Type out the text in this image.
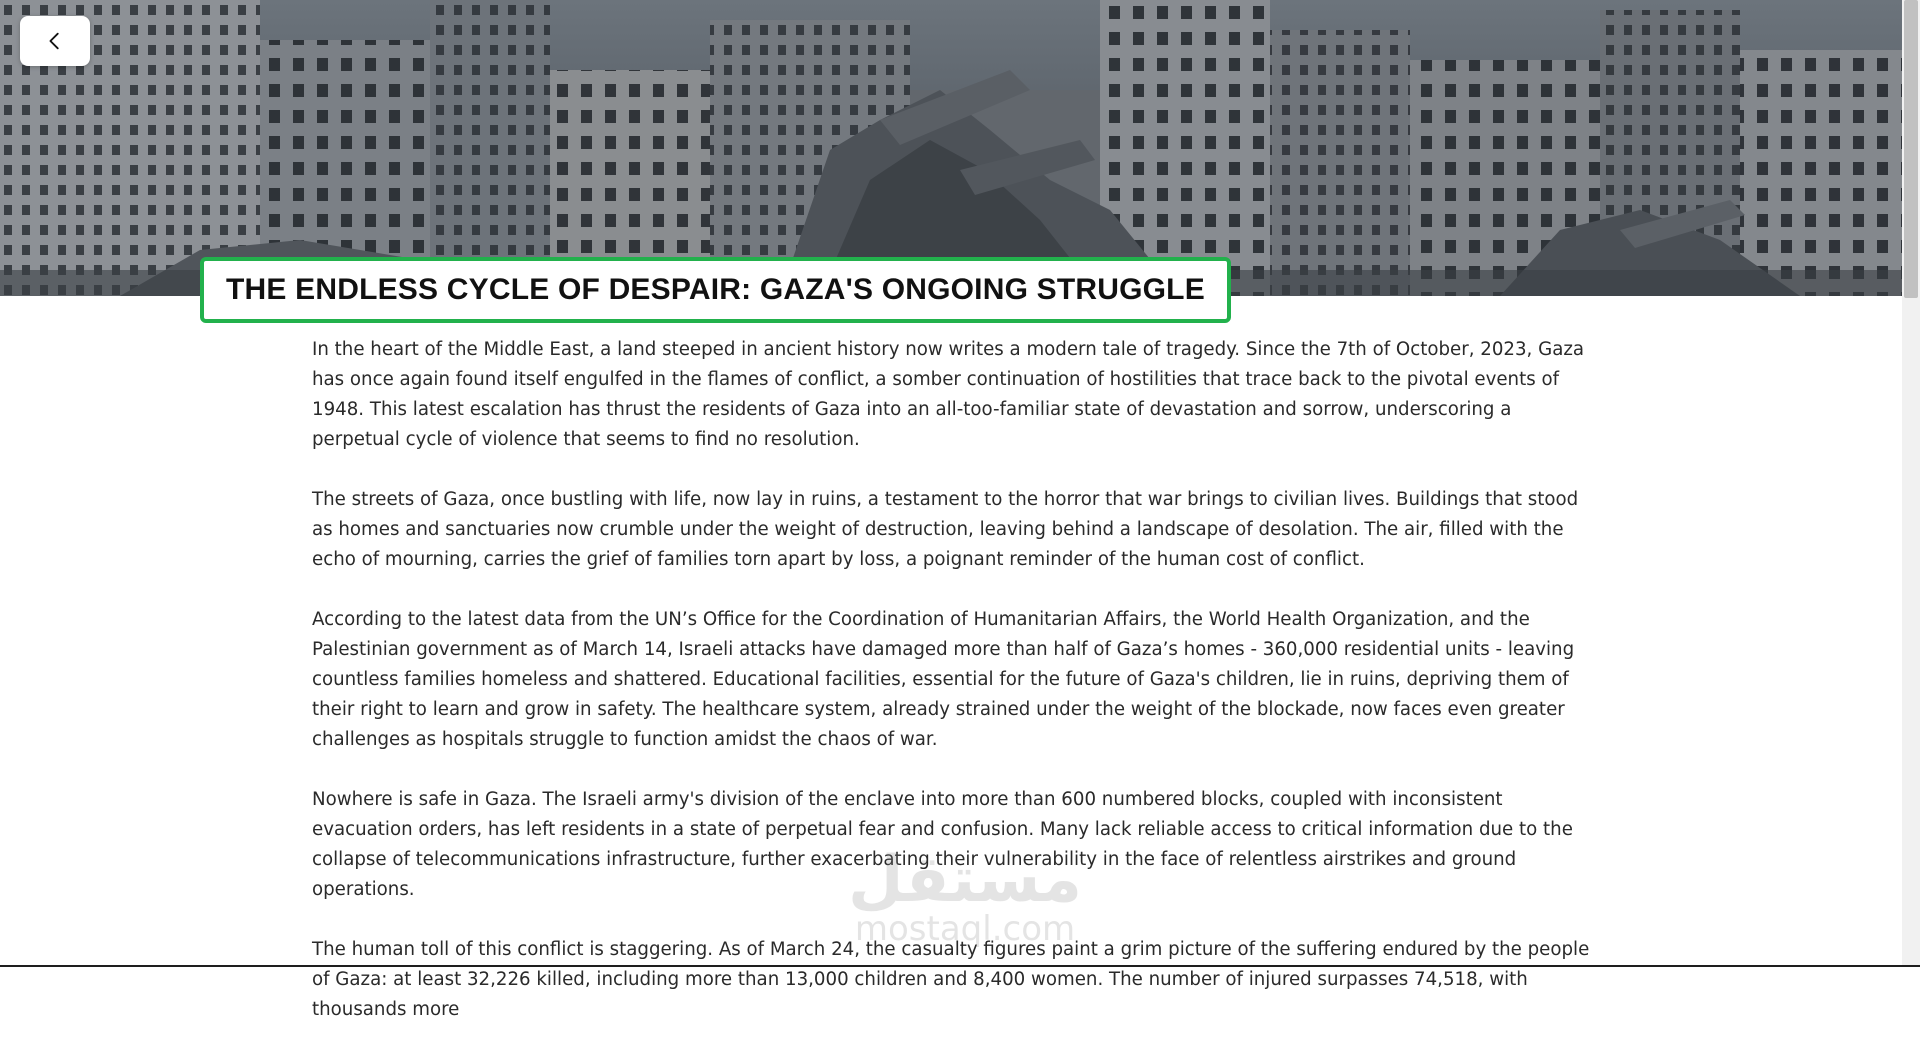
THE ENDLESS CYCLE OF DESPAIR: GAZA'S ONGOING STRUGGLE

In the heart of the Middle East, a land steeped in ancient history now writes a modern tale of tragedy. Since the 7th of October, 2023, Gaza has once again found itself engulfed in the flames of conflict, a somber continuation of hostilities that trace back to the pivotal events of 1948. This latest escalation has thrust the residents of Gaza into an all-too-familiar state of devastation and sorrow, underscoring a perpetual cycle of violence that seems to find no resolution.

The streets of Gaza, once bustling with life, now lay in ruins, a testament to the horror that war brings to civilian lives. Buildings that stood as homes and sanctuaries now crumble under the weight of destruction, leaving behind a landscape of desolation. The air, filled with the echo of mourning, carries the grief of families torn apart by loss, a poignant reminder of the human cost of conflict.

According to the latest data from the UN’s Office for the Coordination of Humanitarian Affairs, the World Health Organization, and the Palestinian government as of March 14, Israeli attacks have damaged more than half of Gaza’s homes - 360,000 residential units - leaving countless families homeless and shattered. Educational facilities, essential for the future of Gaza's children, lie in ruins, depriving them of their right to learn and grow in safety. The healthcare system, already strained under the weight of the blockade, now faces even greater challenges as hospitals struggle to function amidst the chaos of war.

Nowhere is safe in Gaza. The Israeli army's division of the enclave into more than 600 numbered blocks, coupled with inconsistent evacuation orders, has left residents in a state of perpetual fear and confusion. Many lack reliable access to critical information due to the collapse of telecommunications infrastructure, further exacerbating their vulnerability in the face of relentless airstrikes and ground operations.

The human toll of this conflict is staggering. As of March 24, the casualty figures paint a grim picture of the suffering endured by the people of Gaza: at least 32,226 killed, including more than 13,000 children and 8,400 women. The number of injured surpasses 74,518, with thousands more

مستقل
mostaql.com
